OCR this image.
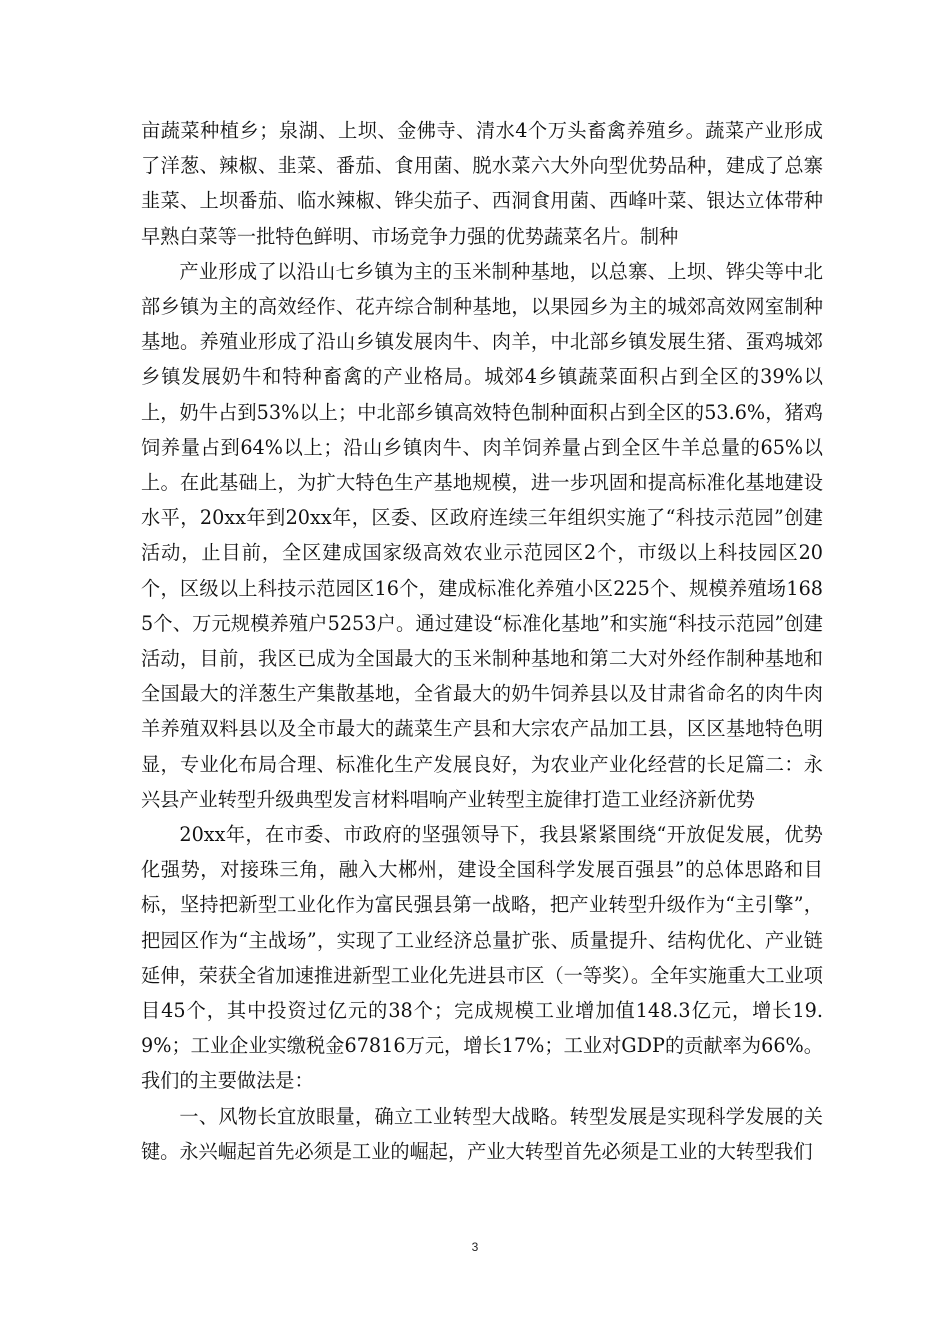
亩蔬菜种植乡；泉湖、上坝、金佛寺、清水4个万头畜禽养殖乡。蔬菜产业形成了洋葱、辣椒、韭菜、番茄、食用菌、脱水菜六大外向型优势品种，建成了总寨韭菜、上坝番茄、临水辣椒、铧尖茄子、西洞食用菌、西峰叶菜、银达立体带种早熟白菜等一批特色鲜明、市场竞争力强的优势蔬菜名片。制种

产业形成了以沿山七乡镇为主的玉米制种基地，以总寨、上坝、铧尖等中北部乡镇为主的高效经作、花卉综合制种基地，以果园乡为主的城郊高效网室制种基地。养殖业形成了沿山乡镇发展肉牛、肉羊，中北部乡镇发展生猪、蛋鸡城郊乡镇发展奶牛和特种畜禽的产业格局。城郊4乡镇蔬菜面积占到全区的39%以上，奶牛占到53%以上；中北部乡镇高效特色制种面积占到全区的53.6%，猪鸡饲养量占到64%以上；沿山乡镇肉牛、肉羊饲养量占到全区牛羊总量的65%以上。在此基础上，为扩大特色生产基地规模，进一步巩固和提高标准化基地建设水平，20xx年到20xx年，区委、区政府连续三年组织实施了“科技示范园”创建活动，止目前，全区建成国家级高效农业示范园区2个，市级以上科技园区20个，区级以上科技示范园区16个，建成标准化养殖小区225个、规模养殖场1685个、万元规模养殖户5253户。通过建设“标准化基地”和实施“科技示范园”创建活动，目前，我区已成为全国最大的玉米制种基地和第二大对外经作制种基地和全国最大的洋葱生产集散基地，全省最大的奶牛饲养县以及甘肃省命名的肉牛肉羊养殖双料县以及全市最大的蔬菜生产县和大宗农产品加工县，区区基地特色明显，专业化布局合理、标准化生产发展良好，为农业产业化经营的长足篇二：永兴县产业转型升级典型发言材料唱响产业转型主旋律打造工业经济新优势

20xx年，在市委、市政府的坚强领导下，我县紧紧围绕“开放促发展，优势化强势，对接珠三角，融入大郴州，建设全国科学发展百强县”的总体思路和目标，坚持把新型工业化作为富民强县第一战略，把产业转型升级作为“主引擎”，把园区作为“主战场”，实现了工业经济总量扩张、质量提升、结构优化、产业链延伸，荣获全省加速推进新型工业化先进县市区（一等奖）。全年实施重大工业项目45个，其中投资过亿元的38个；完成规模工业增加值148.3亿元，增长19.9%；工业企业实缴税金67816万元，增长17%；工业对GDP的贡献率为66%。我们的主要做法是：

一、风物长宜放眼量，确立工业转型大战略。转型发展是实现科学发展的关键。永兴崛起首先必须是工业的崛起，产业大转型首先必须是工业的大转型我们

3
